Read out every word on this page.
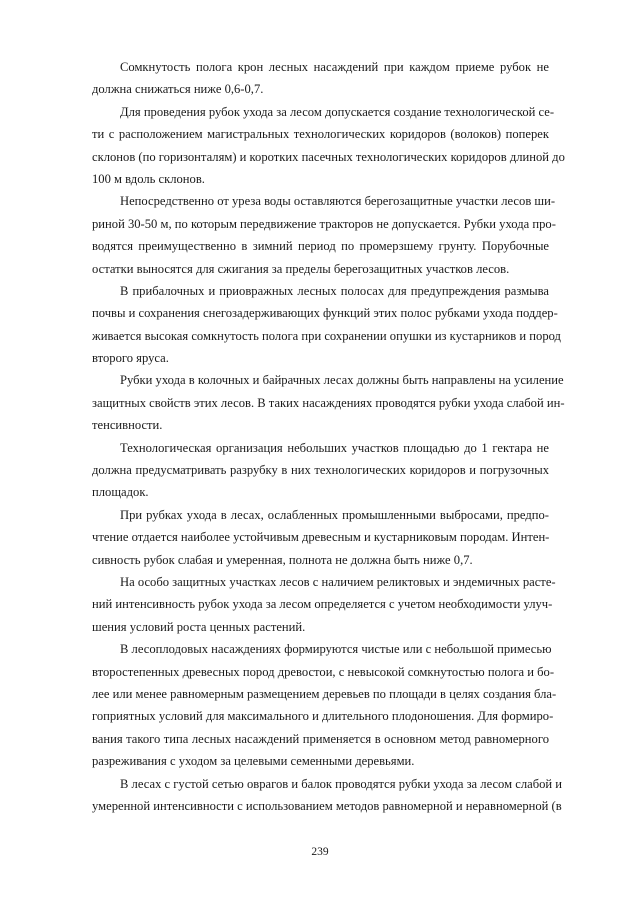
Сомкнутость полога крон лесных насаждений при каждом приеме рубок не
должна снижаться ниже 0,6-0,7.
Для проведения рубок ухода за лесом допускается создание технологической се-
ти с расположением магистральных технологических коридоров (волоков) поперек
склонов (по горизонталям) и коротких пасечных технологических коридоров длиной до
100 м вдоль склонов.
Непосредственно от уреза воды оставляются берегозащитные участки лесов ши-
риной 30-50 м, по которым передвижение тракторов не допускается. Рубки ухода про-
водятся преимущественно в зимний период по промерзшему грунту. Порубочные
остатки выносятся для сжигания за пределы берегозащитных участков лесов.
В прибалочных и приовражных лесных полосах для предупреждения размыва
почвы и сохранения снегозадерживающих функций этих полос рубками ухода поддер-
живается высокая сомкнутость полога при сохранении опушки из кустарников и пород
второго яруса.
Рубки ухода в колочных и байрачных лесах должны быть направлены на усиление
защитных свойств этих лесов. В таких насаждениях проводятся рубки ухода слабой ин-
тенсивности.
Технологическая организация небольших участков площадью до 1 гектара не
должна предусматривать разрубку в них технологических коридоров и погрузочных
площадок.
При рубках ухода в лесах, ослабленных промышленными выбросами, предпо-
чтение отдается наиболее устойчивым древесным и кустарниковым породам. Интен-
сивность рубок слабая и умеренная, полнота не должна быть ниже 0,7.
На особо защитных участках лесов с наличием реликтовых и эндемичных расте-
ний интенсивность рубок ухода за лесом определяется с учетом необходимости улуч-
шения условий роста ценных растений.
В лесоплодовых насаждениях формируются чистые или с небольшой примесью
второстепенных древесных пород древостои, с невысокой сомкнутостью полога и бо-
лее или менее равномерным размещением деревьев по площади в целях создания бла-
гоприятных условий для максимального и длительного плодоношения. Для формиро-
вания такого типа лесных насаждений применяется в основном метод равномерного
разреживания с уходом за целевыми семенными деревьями.
В лесах с густой сетью оврагов и балок проводятся рубки ухода за лесом слабой и
умеренной интенсивности с использованием методов равномерной и неравномерной (в
239
